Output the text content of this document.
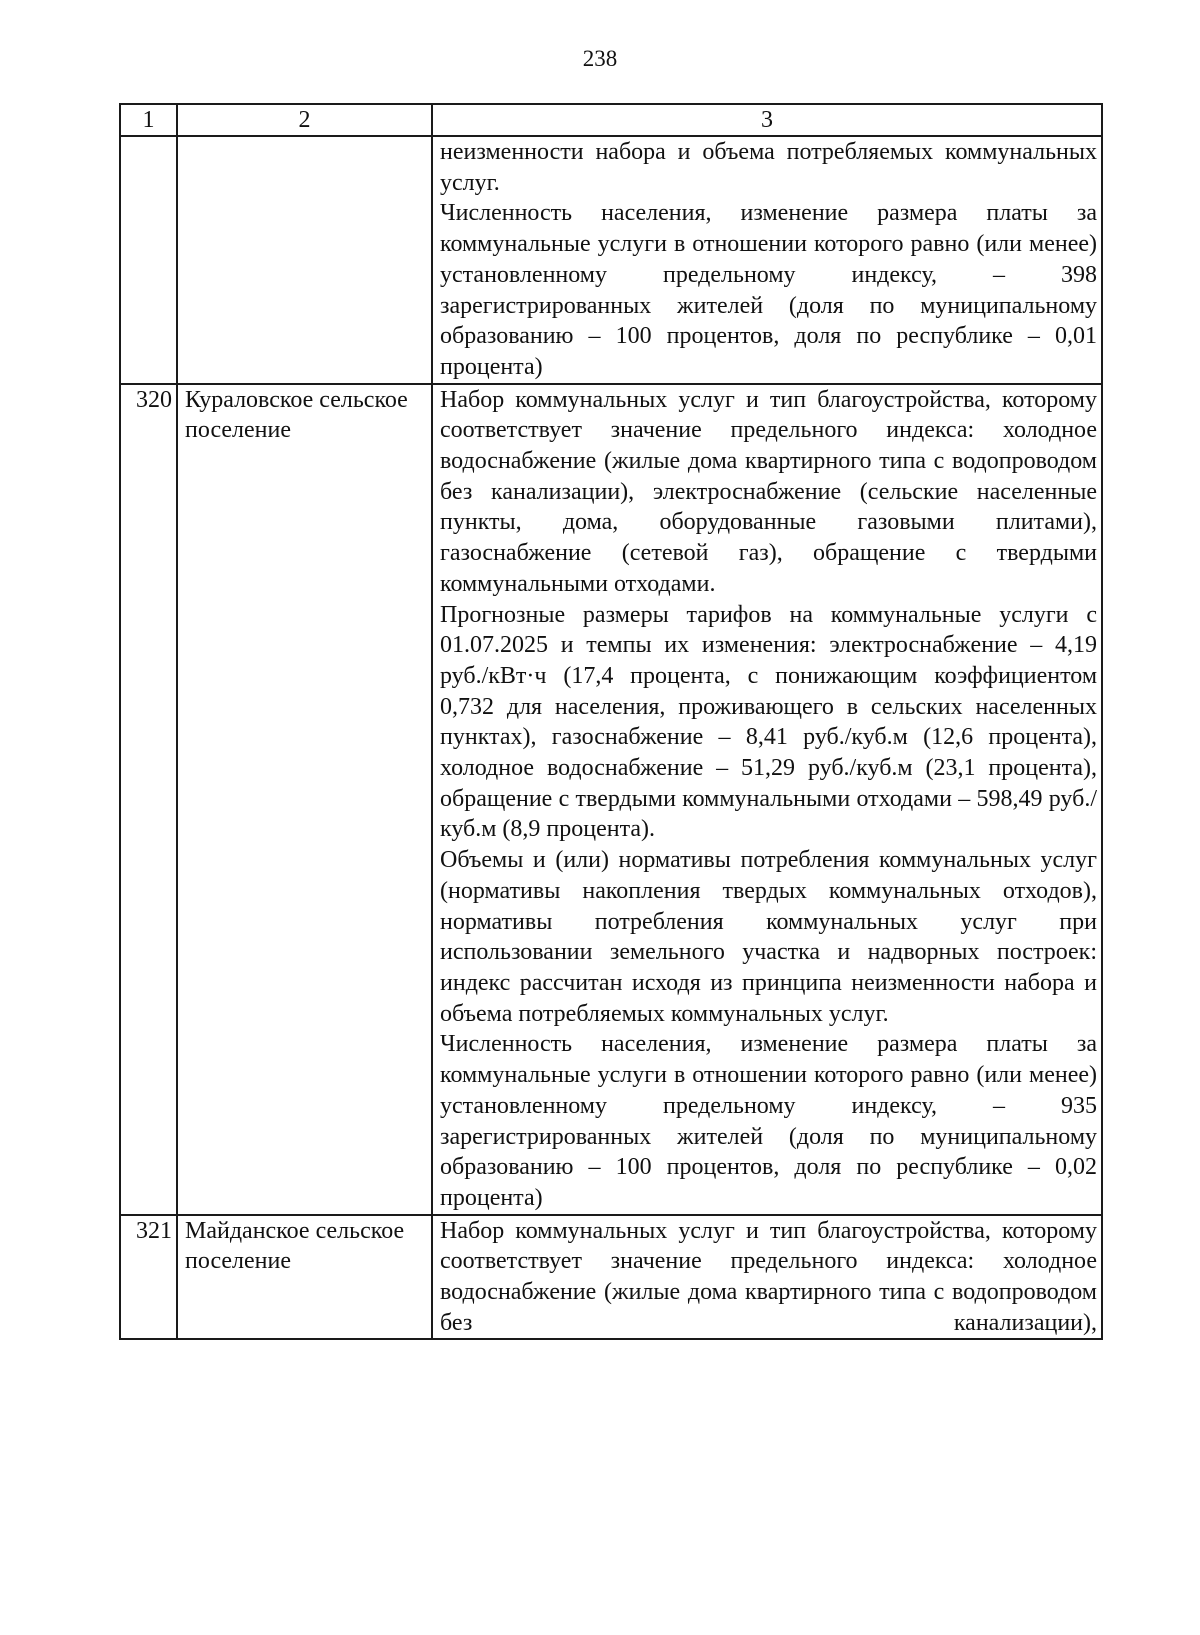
238
1	2	3

		неизменности набора и объема потребляемых коммунальных услуг.

Численность населения, изменение размера платы за коммунальные услуги в отношении которого равно (или менее) установленному предельному индексу, – 398 зарегистрированных жителей (доля по муниципальному образованию – 100 процентов, доля по республике – 0,01 процента)

320	Кураловское сельское поселение	Набор коммунальных услуг и тип благоустройства, которому соответствует значение предельного индекса: холодное водоснабжение (жилые дома квартирного типа с водопроводом без канализации), электроснабжение (сельские населенные пункты, дома, оборудованные газовыми плитами), газоснабжение (сетевой газ), обращение с твердыми коммунальными отходами.

Прогнозные размеры тарифов на коммунальные услуги с 01.07.2025 и темпы их изменения: электроснабжение – 4,19 руб./кВт·ч (17,4 процента, с понижающим коэффициентом 0,732 для населения, проживающего в сельских населенных пунктах), газоснабжение – 8,41 руб./куб.м (12,6 процента), холодное водоснабжение – 51,29 руб./куб.м (23,1 процента), обращение с твердыми коммунальными отходами – 598,49 руб./куб.м (8,9 процента).

Объемы и (или) нормативы потребления коммунальных услуг (нормативы накопления твердых коммунальных отходов), нормативы потребления коммунальных услуг при использовании земельного участка и надворных построек: индекс рассчитан исходя из принципа неизменности набора и объема потребляемых коммунальных услуг.

Численность населения, изменение размера платы за коммунальные услуги в отношении которого равно (или менее) установленному предельному индексу, – 935 зарегистрированных жителей (доля по муниципальному образованию – 100 процентов, доля по республике – 0,02 процента)

321	Майданское сельское поселение	Набор коммунальных услуг и тип благоустройства, которому соответствует значение предельного индекса: холодное водоснабжение (жилые дома квартирного типа с водопроводом без канализации),
